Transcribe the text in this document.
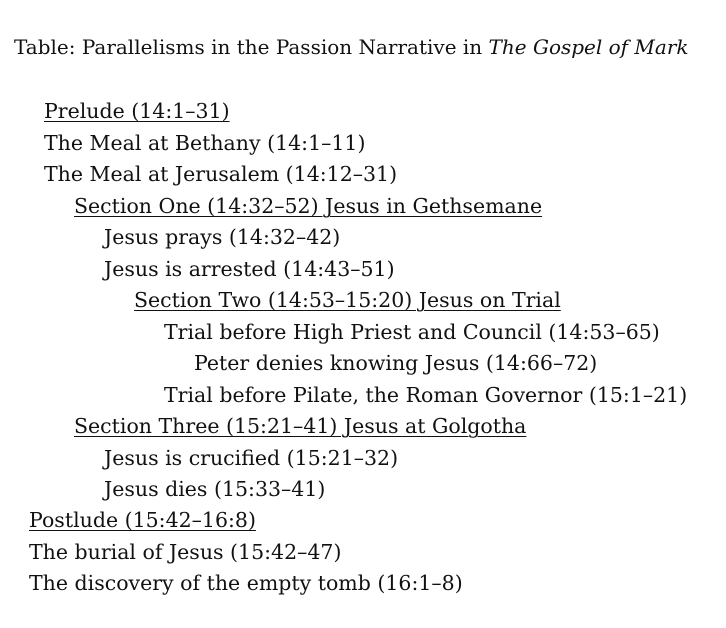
Table: Parallelisms in the Passion Narrative in The Gospel of Mark
Prelude (14:1–31)
The Meal at Bethany (14:1–11)
The Meal at Jerusalem (14:12–31)
Section One (14:32–52) Jesus in Gethsemane
Jesus prays (14:32–42)
Jesus is arrested (14:43–51)
Section Two (14:53–15:20) Jesus on Trial
Trial before High Priest and Council (14:53–65)
Peter denies knowing Jesus (14:66–72)
Trial before Pilate, the Roman Governor (15:1–21)
Section Three (15:21–41) Jesus at Golgotha
Jesus is crucified (15:21–32)
Jesus dies (15:33–41)
Postlude (15:42–16:8)
The burial of Jesus (15:42–47)
The discovery of the empty tomb (16:1–8)
